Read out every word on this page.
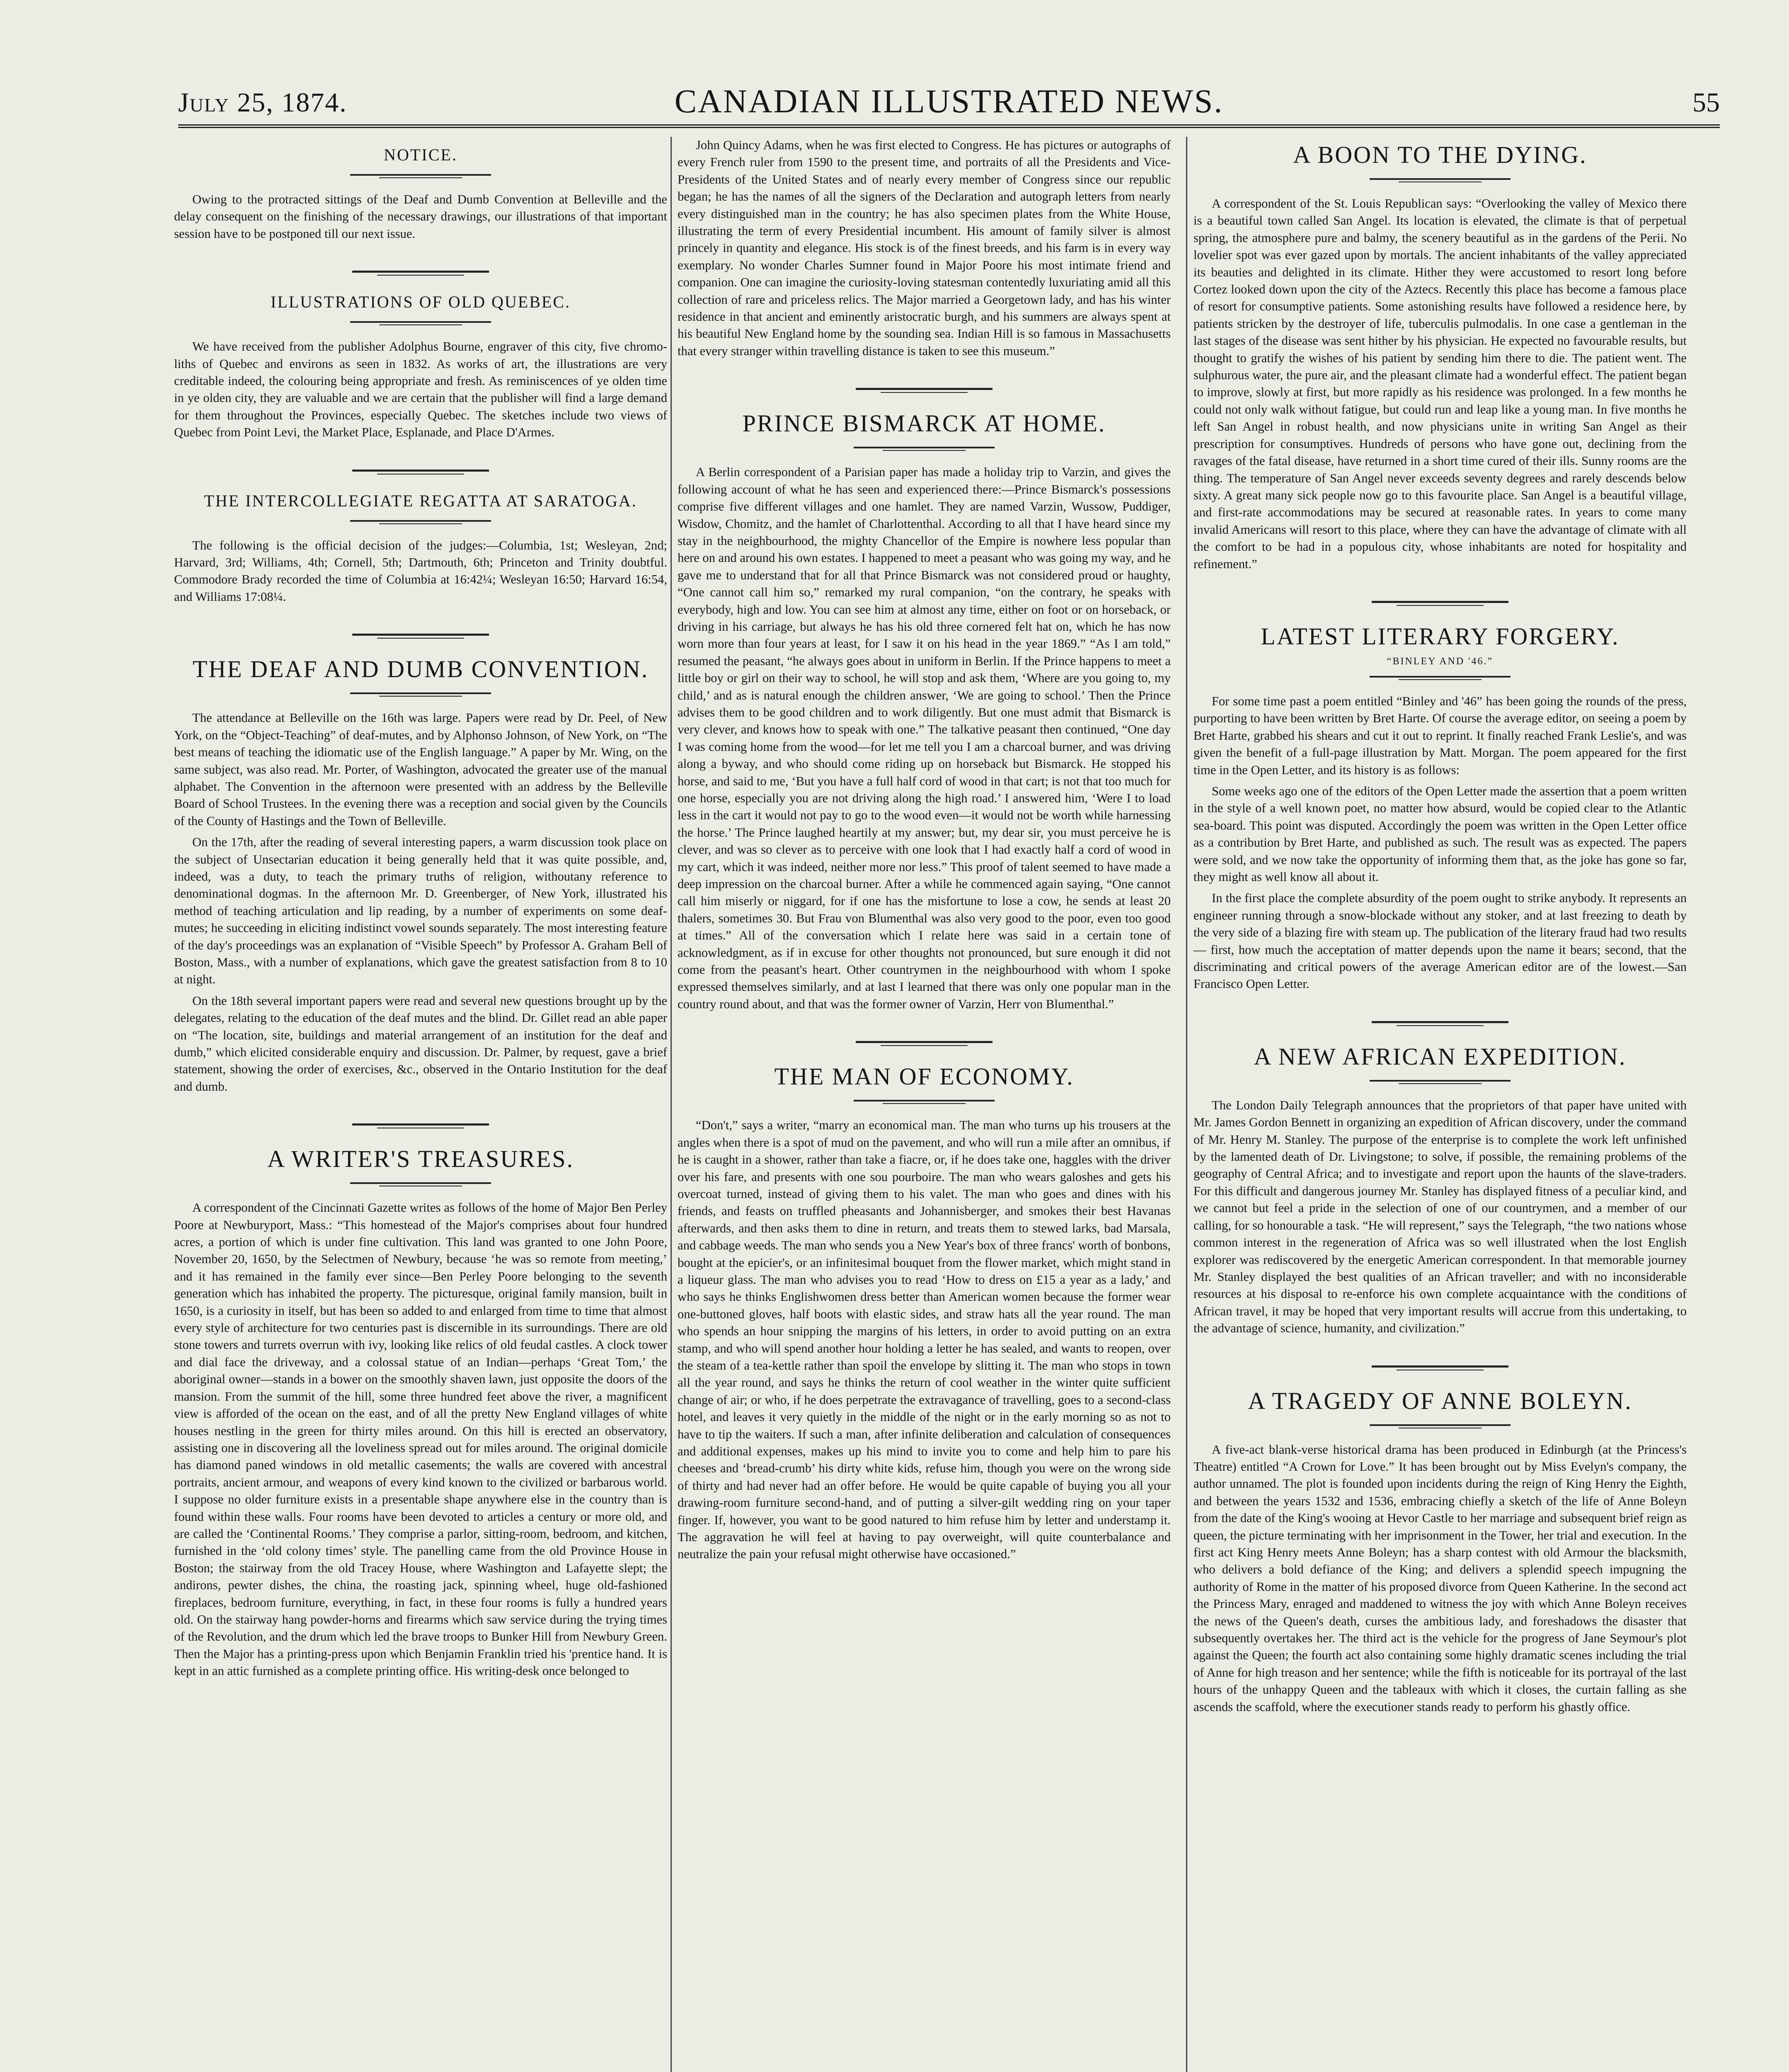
July 25, 1874.	CANADIAN ILLUSTRATED NEWS.	55
NOTICE.

Owing to the protracted sittings of the Deaf and Dumb Convention at Belleville and the delay consequent on the finishing of the necessary drawings, our illustrations of that important session have to be postponed till our next issue.

ILLUSTRATIONS OF OLD QUEBEC.

We have received from the publisher Adolphus Bourne, engraver of this city, five chromo-liths of Quebec and environs as seen in 1832. As works of art, the illustrations are very creditable indeed, the colouring being appropriate and fresh. As reminiscences of ye olden time in ye olden city, they are valuable and we are certain that the publisher will find a large demand for them throughout the Provinces, especially Quebec. The sketches include two views of Quebec from Point Levi, the Market Place, Esplanade, and Place D'Armes.

THE INTERCOLLEGIATE REGATTA AT SARATOGA.

The following is the official decision of the judges:—Columbia, 1st; Wesleyan, 2nd; Harvard, 3rd; Williams, 4th; Cornell, 5th; Dartmouth, 6th; Princeton and Trinity doubtful. Commodore Brady recorded the time of Columbia at 16:42¼; Wesleyan 16:50; Harvard 16:54, and Williams 17:08¼.

THE DEAF AND DUMB CONVENTION.

The attendance at Belleville on the 16th was large. Papers were read by Dr. Peel, of New York, on the “Object-Teaching” of deaf-mutes, and by Alphonso Johnson, of New York, on “The best means of teaching the idiomatic use of the English language.” A paper by Mr. Wing, on the same subject, was also read. Mr. Porter, of Washington, advocated the greater use of the manual alphabet. The Convention in the afternoon were presented with an address by the Belleville Board of School Trustees. In the evening there was a reception and social given by the Councils of the County of Hastings and the Town of Belleville.

On the 17th, after the reading of several interesting papers, a warm discussion took place on the subject of Unsectarian education it being generally held that it was quite possible, and, indeed, was a duty, to teach the primary truths of religion, withoutany reference to denominational dogmas. In the afternoon Mr. D. Greenberger, of New York, illustrated his method of teaching articulation and lip reading, by a number of experiments on some deaf-mutes; he succeeding in eliciting indistinct vowel sounds separately. The most interesting feature of the day's proceedings was an explanation of “Visible Speech” by Professor A. Graham Bell of Boston, Mass., with a number of explanations, which gave the greatest satisfaction from 8 to 10 at night.

On the 18th several important papers were read and several new questions brought up by the delegates, relating to the education of the deaf mutes and the blind. Dr. Gillet read an able paper on “The location, site, buildings and material arrangement of an institution for the deaf and dumb,” which elicited considerable enquiry and discussion. Dr. Palmer, by request, gave a brief statement, showing the order of exercises, &c., observed in the Ontario Institution for the deaf and dumb.

A WRITER'S TREASURES.

A correspondent of the Cincinnati Gazette writes as follows of the home of Major Ben Perley Poore at Newburyport, Mass.: “This homestead of the Major's comprises about four hundred acres, a portion of which is under fine cultivation. This land was granted to one John Poore, November 20, 1650, by the Selectmen of Newbury, because ‘he was so remote from meeting,’ and it has remained in the family ever since—Ben Perley Poore belonging to the seventh generation which has inhabited the property. The picturesque, original family mansion, built in 1650, is a curiosity in itself, but has been so added to and enlarged from time to time that almost every style of architecture for two centuries past is discernible in its surroundings. There are old stone towers and turrets overrun with ivy, looking like relics of old feudal castles. A clock tower and dial face the driveway, and a colossal statue of an Indian—perhaps ‘Great Tom,’ the aboriginal owner—stands in a bower on the smoothly shaven lawn, just opposite the doors of the mansion. From the summit of the hill, some three hundred feet above the river, a magnificent view is afforded of the ocean on the east, and of all the pretty New England villages of white houses nestling in the green for thirty miles around. On this hill is erected an observatory, assisting one in discovering all the loveliness spread out for miles around. The original domicile has diamond paned windows in old metallic casements; the walls are covered with ancestral portraits, ancient armour, and weapons of every kind known to the civilized or barbarous world. I suppose no older furniture exists in a presentable shape anywhere else in the country than is found within these walls. Four rooms have been devoted to articles a century or more old, and are called the ‘Continental Rooms.’ They comprise a parlor, sitting-room, bedroom, and kitchen, furnished in the ‘old colony times’ style. The panelling came from the old Province House in Boston; the stairway from the old Tracey House, where Washington and Lafayette slept; the andirons, pewter dishes, the china, the roasting jack, spinning wheel, huge old-fashioned fireplaces, bedroom furniture, everything, in fact, in these four rooms is fully a hundred years old. On the stairway hang powder-horns and firearms which saw service during the trying times of the Revolution, and the drum which led the brave troops to Bunker Hill from Newbury Green. Then the Major has a printing-press upon which Benjamin Franklin tried his 'prentice hand. It is kept in an attic furnished as a complete printing office. His writing-desk once belonged to

John Quincy Adams, when he was first elected to Congress. He has pictures or autographs of every French ruler from 1590 to the present time, and portraits of all the Presidents and Vice-Presidents of the United States and of nearly every member of Congress since our republic began; he has the names of all the signers of the Declaration and autograph letters from nearly every distinguished man in the country; he has also specimen plates from the White House, illustrating the term of every Presidential incumbent. His amount of family silver is almost princely in quantity and elegance. His stock is of the finest breeds, and his farm is in every way exemplary. No wonder Charles Sumner found in Major Poore his most intimate friend and companion. One can imagine the curiosity-loving statesman contentedly luxuriating amid all this collection of rare and priceless relics. The Major married a Georgetown lady, and has his winter residence in that ancient and eminently aristocratic burgh, and his summers are always spent at his beautiful New England home by the sounding sea. Indian Hill is so famous in Massachusetts that every stranger within travelling distance is taken to see this museum.”

PRINCE BISMARCK AT HOME.

A Berlin correspondent of a Parisian paper has made a holiday trip to Varzin, and gives the following account of what he has seen and experienced there:—Prince Bismarck's possessions comprise five different villages and one hamlet. They are named Varzin, Wussow, Puddiger, Wisdow, Chomitz, and the hamlet of Charlottenthal. According to all that I have heard since my stay in the neighbourhood, the mighty Chancellor of the Empire is nowhere less popular than here on and around his own estates. I happened to meet a peasant who was going my way, and he gave me to understand that for all that Prince Bismarck was not considered proud or haughty, “One cannot call him so,” remarked my rural companion, “on the contrary, he speaks with everybody, high and low. You can see him at almost any time, either on foot or on horseback, or driving in his carriage, but always he has his old three cornered felt hat on, which he has now worn more than four years at least, for I saw it on his head in the year 1869.” “As I am told,” resumed the peasant, “he always goes about in uniform in Berlin. If the Prince happens to meet a little boy or girl on their way to school, he will stop and ask them, ‘Where are you going to, my child,’ and as is natural enough the children answer, ‘We are going to school.’ Then the Prince advises them to be good children and to work diligently. But one must admit that Bismarck is very clever, and knows how to speak with one.” The talkative peasant then continued, “One day I was coming home from the wood—for let me tell you I am a charcoal burner, and was driving along a byway, and who should come riding up on horseback but Bismarck. He stopped his horse, and said to me, ‘But you have a full half cord of wood in that cart; is not that too much for one horse, especially you are not driving along the high road.’ I answered him, ‘Were I to load less in the cart it would not pay to go to the wood even—it would not be worth while harnessing the horse.’ The Prince laughed heartily at my answer; but, my dear sir, you must perceive he is clever, and was so clever as to perceive with one look that I had exactly half a cord of wood in my cart, which it was indeed, neither more nor less.” This proof of talent seemed to have made a deep impression on the charcoal burner. After a while he commenced again saying, “One cannot call him miserly or niggard, for if one has the misfortune to lose a cow, he sends at least 20 thalers, sometimes 30. But Frau von Blumenthal was also very good to the poor, even too good at times.” All of the conversation which I relate here was said in a certain tone of acknowledgment, as if in excuse for other thoughts not pronounced, but sure enough it did not come from the peasant's heart. Other countrymen in the neighbourhood with whom I spoke expressed themselves similarly, and at last I learned that there was only one popular man in the country round about, and that was the former owner of Varzin, Herr von Blumenthal.”

THE MAN OF ECONOMY.

“Don't,” says a writer, “marry an economical man. The man who turns up his trousers at the angles when there is a spot of mud on the pavement, and who will run a mile after an omnibus, if he is caught in a shower, rather than take a fiacre, or, if he does take one, haggles with the driver over his fare, and presents with one sou pourboire. The man who wears galoshes and gets his overcoat turned, instead of giving them to his valet. The man who goes and dines with his friends, and feasts on truffled pheasants and Johannisberger, and smokes their best Havanas afterwards, and then asks them to dine in return, and treats them to stewed larks, bad Marsala, and cabbage weeds. The man who sends you a New Year's box of three francs' worth of bonbons, bought at the epicier's, or an infinitesimal bouquet from the flower market, which might stand in a liqueur glass. The man who advises you to read ‘How to dress on £15 a year as a lady,’ and who says he thinks Englishwomen dress better than American women because the former wear one-buttoned gloves, half boots with elastic sides, and straw hats all the year round. The man who spends an hour snipping the margins of his letters, in order to avoid putting on an extra stamp, and who will spend another hour holding a letter he has sealed, and wants to reopen, over the steam of a tea-kettle rather than spoil the envelope by slitting it. The man who stops in town all the year round, and says he thinks the return of cool weather in the winter quite sufficient change of air; or who, if he does perpetrate the extravagance of travelling, goes to a second-class hotel, and leaves it very quietly in the middle of the night or in the early morning so as not to have to tip the waiters. If such a man, after infinite deliberation and calculation of consequences and additional expenses, makes up his mind to invite you to come and help him to pare his cheeses and ‘bread-crumb’ his dirty white kids, refuse him, though you were on the wrong side of thirty and had never had an offer before. He would be quite capable of buying you all your drawing-room furniture second-hand, and of putting a silver-gilt wedding ring on your taper finger. If, however, you want to be good natured to him refuse him by letter and understamp it. The aggravation he will feel at having to pay overweight, will quite counterbalance and neutralize the pain your refusal might otherwise have occasioned.”

A BOON TO THE DYING.

A correspondent of the St. Louis Republican says: “Overlooking the valley of Mexico there is a beautiful town called San Angel. Its location is elevated, the climate is that of perpetual spring, the atmosphere pure and balmy, the scenery beautiful as in the gardens of the Perii. No lovelier spot was ever gazed upon by mortals. The ancient inhabitants of the valley appreciated its beauties and delighted in its climate. Hither they were accustomed to resort long before Cortez looked down upon the city of the Aztecs. Recently this place has become a famous place of resort for consumptive patients. Some astonishing results have followed a residence here, by patients stricken by the destroyer of life, tuberculis pulmodalis. In one case a gentleman in the last stages of the disease was sent hither by his physician. He expected no favourable results, but thought to gratify the wishes of his patient by sending him there to die. The patient went. The sulphurous water, the pure air, and the pleasant climate had a wonderful effect. The patient began to improve, slowly at first, but more rapidly as his residence was prolonged. In a few months he could not only walk without fatigue, but could run and leap like a young man. In five months he left San Angel in robust health, and now physicians unite in writing San Angel as their prescription for consumptives. Hundreds of persons who have gone out, declining from the ravages of the fatal disease, have returned in a short time cured of their ills. Sunny rooms are the thing. The temperature of San Angel never exceeds seventy degrees and rarely descends below sixty. A great many sick people now go to this favourite place. San Angel is a beautiful village, and first-rate accommodations may be secured at reasonable rates. In years to come many invalid Americans will resort to this place, where they can have the advantage of climate with all the comfort to be had in a populous city, whose inhabitants are noted for hospitality and refinement.”

LATEST LITERARY FORGERY.
“BINLEY AND '46.”

For some time past a poem entitled “Binley and '46” has been going the rounds of the press, purporting to have been written by Bret Harte. Of course the average editor, on seeing a poem by Bret Harte, grabbed his shears and cut it out to reprint. It finally reached Frank Leslie's, and was given the benefit of a full-page illustration by Matt. Morgan. The poem appeared for the first time in the Open Letter, and its history is as follows:

Some weeks ago one of the editors of the Open Letter made the assertion that a poem written in the style of a well known poet, no matter how absurd, would be copied clear to the Atlantic sea-board. This point was disputed. Accordingly the poem was written in the Open Letter office as a contribution by Bret Harte, and published as such. The result was as expected. The papers were sold, and we now take the opportunity of informing them that, as the joke has gone so far, they might as well know all about it.

In the first place the complete absurdity of the poem ought to strike anybody. It represents an engineer running through a snow-blockade without any stoker, and at last freezing to death by the very side of a blazing fire with steam up. The publication of the literary fraud had two results — first, how much the acceptation of matter depends upon the name it bears; second, that the discriminating and critical powers of the average American editor are of the lowest.—San Francisco Open Letter.

A NEW AFRICAN EXPEDITION.

The London Daily Telegraph announces that the proprietors of that paper have united with Mr. James Gordon Bennett in organizing an expedition of African discovery, under the command of Mr. Henry M. Stanley. The purpose of the enterprise is to complete the work left unfinished by the lamented death of Dr. Livingstone; to solve, if possible, the remaining problems of the geography of Central Africa; and to investigate and report upon the haunts of the slave-traders. For this difficult and dangerous journey Mr. Stanley has displayed fitness of a peculiar kind, and we cannot but feel a pride in the selection of one of our countrymen, and a member of our calling, for so honourable a task. “He will represent,” says the Telegraph, “the two nations whose common interest in the regeneration of Africa was so well illustrated when the lost English explorer was rediscovered by the energetic American correspondent. In that memorable journey Mr. Stanley displayed the best qualities of an African traveller; and with no inconsiderable resources at his disposal to re-enforce his own complete acquaintance with the conditions of African travel, it may be hoped that very important results will accrue from this undertaking, to the advantage of science, humanity, and civilization.”

A TRAGEDY OF ANNE BOLEYN.

A five-act blank-verse historical drama has been produced in Edinburgh (at the Princess's Theatre) entitled “A Crown for Love.” It has been brought out by Miss Evelyn's company, the author unnamed. The plot is founded upon incidents during the reign of King Henry the Eighth, and between the years 1532 and 1536, embracing chiefly a sketch of the life of Anne Boleyn from the date of the King's wooing at Hevor Castle to her marriage and subsequent brief reign as queen, the picture terminating with her imprisonment in the Tower, her trial and execution. In the first act King Henry meets Anne Boleyn; has a sharp contest with old Armour the blacksmith, who delivers a bold defiance of the King; and delivers a splendid speech impugning the authority of Rome in the matter of his proposed divorce from Queen Katherine. In the second act the Princess Mary, enraged and maddened to witness the joy with which Anne Boleyn receives the news of the Queen's death, curses the ambitious lady, and foreshadows the disaster that subsequently overtakes her. The third act is the vehicle for the progress of Jane Seymour's plot against the Queen; the fourth act also containing some highly dramatic scenes including the trial of Anne for high treason and her sentence; while the fifth is noticeable for its portrayal of the last hours of the unhappy Queen and the tableaux with which it closes, the curtain falling as she ascends the scaffold, where the executioner stands ready to perform his ghastly office.
